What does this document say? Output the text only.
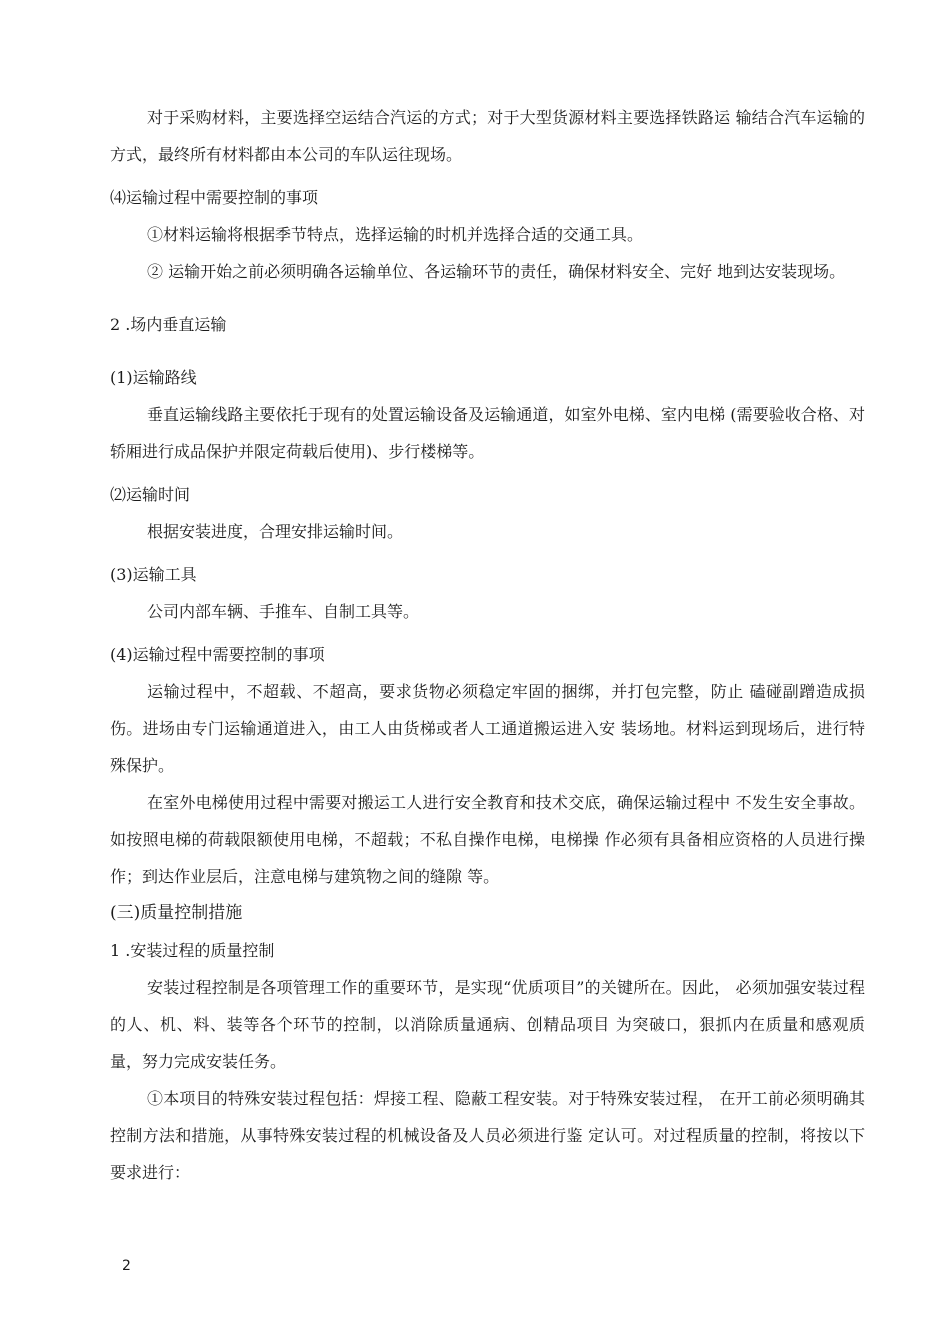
对于采购材料，主要选择空运结合汽运的方式；对于大型货源材料主要选择铁路运 输结合汽车运输的方式，最终所有材料都由本公司的车队运往现场。

⑷运输过程中需要控制的事项

①材料运输将根据季节特点，选择运输的时机并选择合适的交通工具。

② 运输开始之前必须明确各运输单位、各运输环节的责任，确保材料安全、完好 地到达安装现场。

2 .场内垂直运输

(1)运输路线

垂直运输线路主要依托于现有的处置运输设备及运输通道，如室外电梯、室内电梯 (需要验收合格、对轿厢进行成品保护并限定荷载后使用)、步行楼梯等。

⑵运输时间

根据安装进度，合理安排运输时间。

(3)运输工具

公司内部车辆、手推车、自制工具等。

(4)运输过程中需要控制的事项

运输过程中，不超载、不超高，要求货物必须稳定牢固的捆绑，并打包完整，防止 磕碰副蹭造成损伤。进场由专门运输通道进入，由工人由货梯或者人工通道搬运进入安 装场地。材料运到现场后，进行特殊保护。

在室外电梯使用过程中需要对搬运工人进行安全教育和技术交底，确保运输过程中 不发生安全事故。如按照电梯的荷载限额使用电梯，不超载；不私自操作电梯，电梯操 作必须有具备相应资格的人员进行操作；到达作业层后，注意电梯与建筑物之间的缝隙 等。

(三)质量控制措施

1 .安装过程的质量控制

安装过程控制是各项管理工作的重要环节，是实现“优质项目”的关键所在。因此， 必须加强安装过程的人、机、料、装等各个环节的控制，以消除质量通病、创精品项目 为突破口，狠抓内在质量和感观质量，努力完成安装任务。

①本项目的特殊安装过程包括：焊接工程、隐蔽工程安装。对于特殊安装过程， 在开工前必须明确其控制方法和措施，从事特殊安装过程的机械设备及人员必须进行鉴 定认可。对过程质量的控制，将按以下要求进行：

2
